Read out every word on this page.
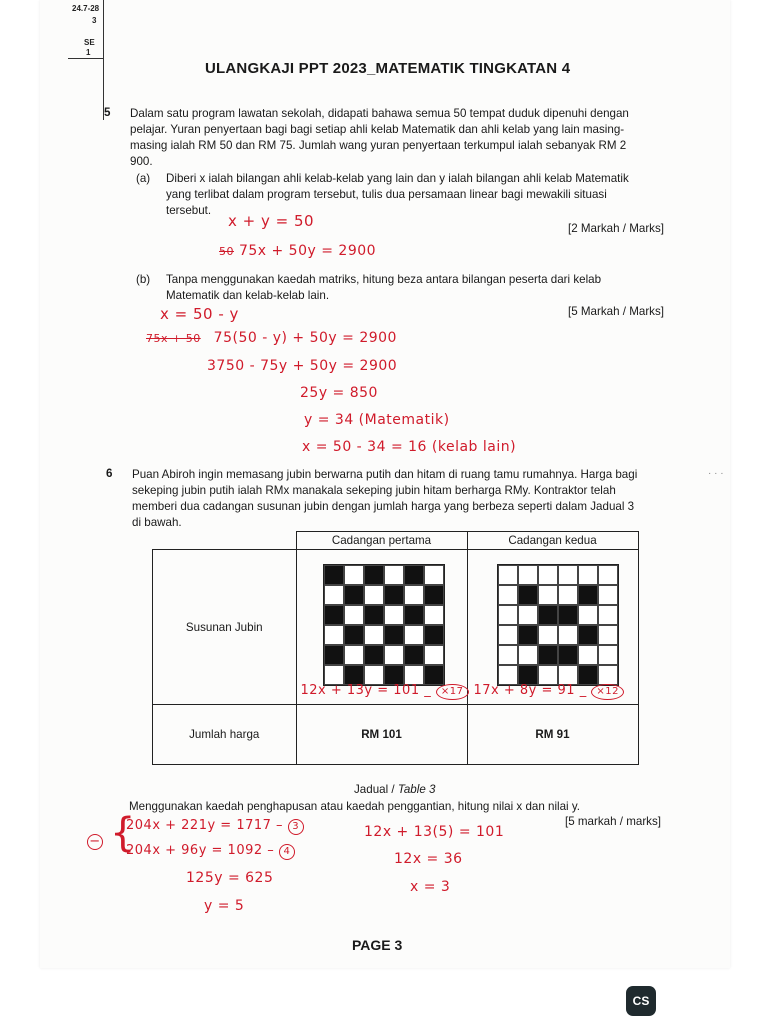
24.7-28
3
SE
1
ULANGKAJI PPT 2023_MATEMATIK TINGKATAN 4
5 Dalam satu program lawatan sekolah, didapati bahawa semua 50 tempat duduk dipenuhi dengan
pelajar. Yuran penyertaan bagi bagi setiap ahli kelab Matematik dan ahli kelab yang lain masing-
masing ialah RM 50 dan RM 75. Jumlah wang yuran penyertaan terkumpul ialah sebanyak RM 2
900.
(a) Diberi x ialah bilangan ahli kelab-kelab yang lain dan y ialah bilangan ahli kelab Matematik
yang terlibat dalam program tersebut, tulis dua persamaan linear bagi mewakili situasi
tersebut.
[2 Markah / Marks]
x + y = 50
50 75x + 50y = 2900
(b) Tanpa menggunakan kaedah matriks, hitung beza antara bilangan peserta dari kelab
Matematik dan kelab-kelab lain.
[5 Markah / Marks]
x = 50 - y
75x + 50 75(50 - y) + 50y = 2900
3750 - 75y + 50y = 2900
25y = 850
y = 34 (Matematik)
x = 50 - 34 = 16 (kelab lain)
· · ·
6 Puan Abiroh ingin memasang jubin berwarna putih dan hitam di ruang tamu rumahnya. Harga bagi
sekeping jubin putih ialah RMx manakala sekeping jubin hitam berharga RMy. Kontraktor telah
memberi dua cadangan susunan jubin dengan jumlah harga yang berbeza seperti dalam Jadual 3
di bawah.
	Cadangan pertama	Cadangan kedua
Susunan Jubin	12x + 13y = 101 _ ×17	17x + 8y = 91 _ ×12

Jumlah harga	RM 101	RM 91
Jadual / Table 3
Menggunakan kaedah penghapusan atau kaedah penggantian, hitung nilai x dan nilai y.
[5 markah / marks]
− {
204x + 221y = 1717 – 3
204x + 96y = 1092 – 4
125y = 625
y = 5
12x + 13(5) = 101
12x = 36
x = 3
PAGE 3
CS
